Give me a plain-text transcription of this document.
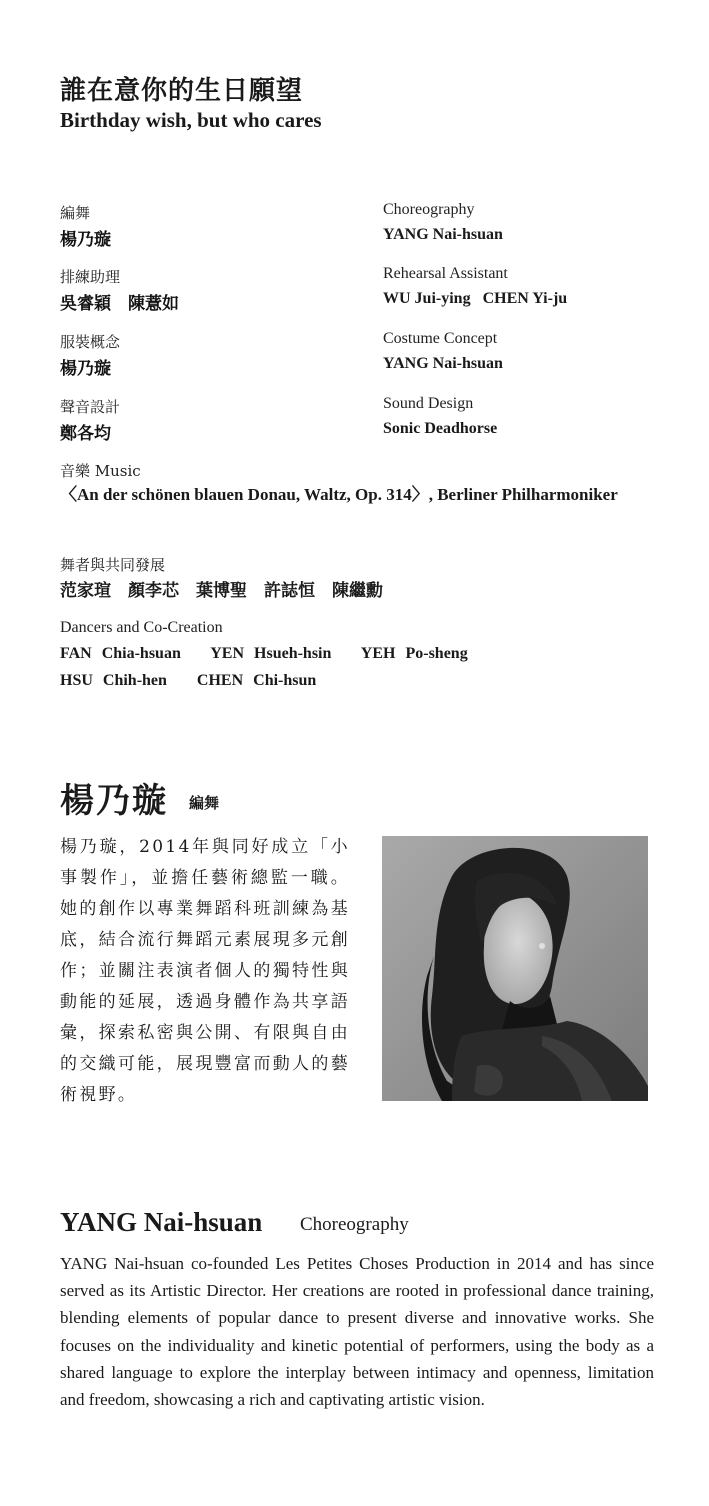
誰在意你的生日願望
Birthday wish, but who cares
編舞
楊乃璇
Choreography
YANG Nai-hsuan
排練助理
吳睿穎　陳薏如
Rehearsal Assistant
WU Jui-ying   CHEN Yi-ju
服裝概念
楊乃璇
Costume Concept
YANG Nai-hsuan
聲音設計
鄭各均
Sound Design
Sonic Deadhorse
音樂 Music
〈An der schönen blauen Donau, Waltz, Op. 314〉, Berliner Philharmoniker
舞者與共同發展
范家瑄　顏李芯　葉博聖　許誌恒　陳繼勳
Dancers and Co-Creation
FAN Chia-hsuan   YEN Hsueh-hsin   YEH Po-sheng
HSU Chih-hen   CHEN Chi-hsun
楊乃璇 編舞

楊乃璇，2014年與同好成立「小事製作」，並擔任藝術總監一職。她的創作以專業舞蹈科班訓練為基底，結合流行舞蹈元素展現多元創作；並關注表演者個人的獨特性與動能的延展，透過身體作為共享語彙，探索私密與公開、有限與自由的交織可能，展現豐富而動人的藝術視野。

YANG Nai-hsuan Choreography

YANG Nai-hsuan co-founded Les Petites Choses Production in 2014 and has since served as its Artistic Director. Her creations are rooted in professional dance training, blending elements of popular dance to present diverse and innovative works. She focuses on the individuality and kinetic potential of performers, using the body as a shared language to explore the interplay between intimacy and openness, limitation and freedom, showcasing a rich and captivating artistic vision.
